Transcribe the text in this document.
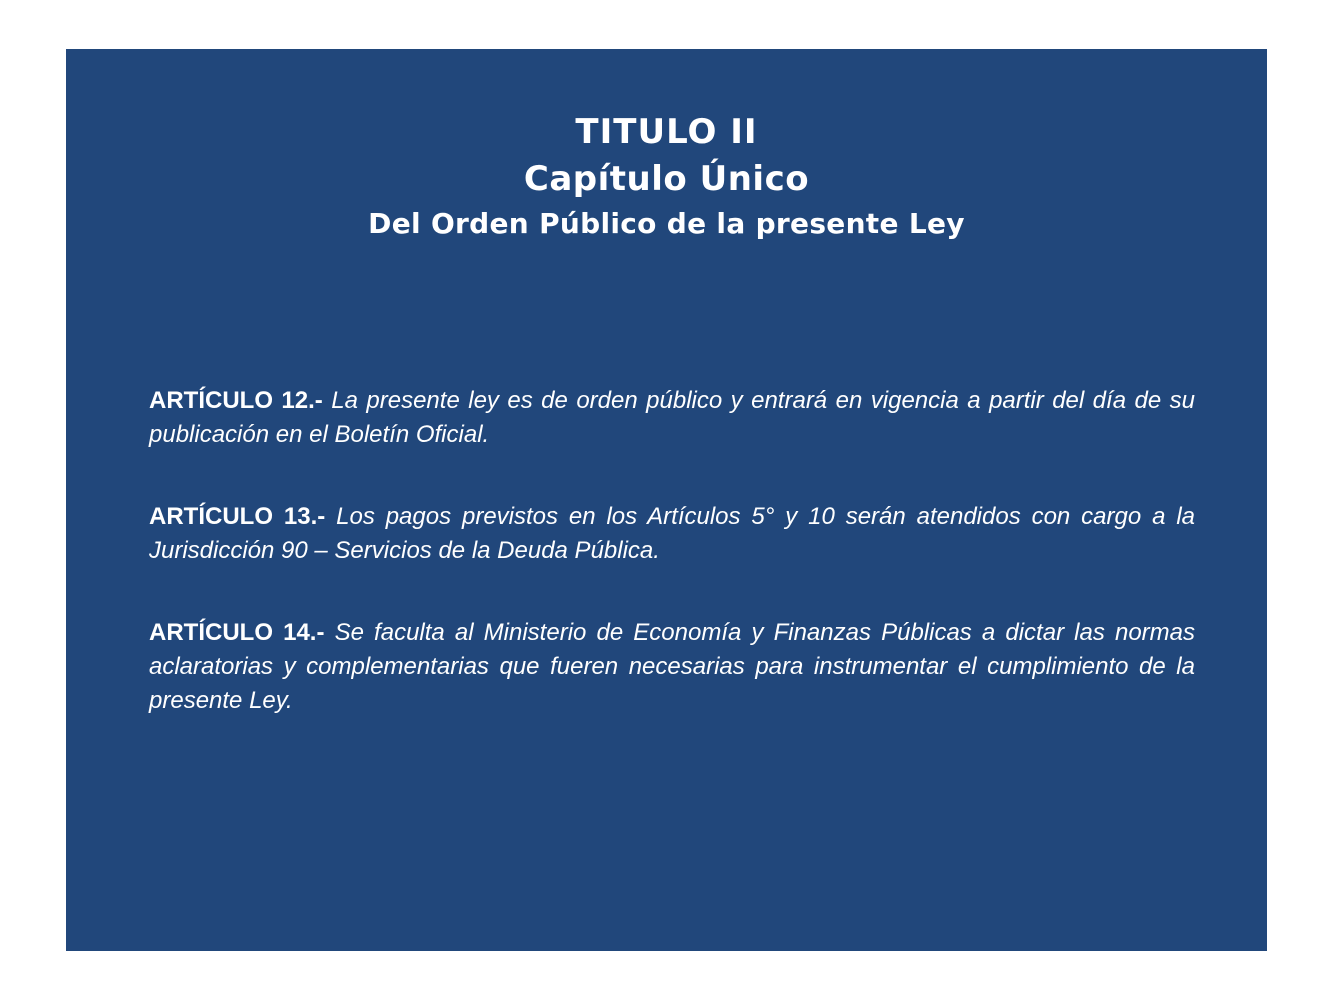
TITULO II
Capítulo Único
Del Orden Público de la presente Ley

ARTÍCULO 12.- La presente ley es de orden público y entrará en vigencia a partir del día de su publicación en el Boletín Oficial.

ARTÍCULO 13.- Los pagos previstos en los Artículos 5° y 10 serán atendidos con cargo a la Jurisdicción 90 – Servicios de la Deuda Pública.

ARTÍCULO 14.- Se faculta al Ministerio de Economía y Finanzas Públicas a dictar las normas aclaratorias y complementarias que fueren necesarias para instrumentar el cumplimiento de la presente Ley.
